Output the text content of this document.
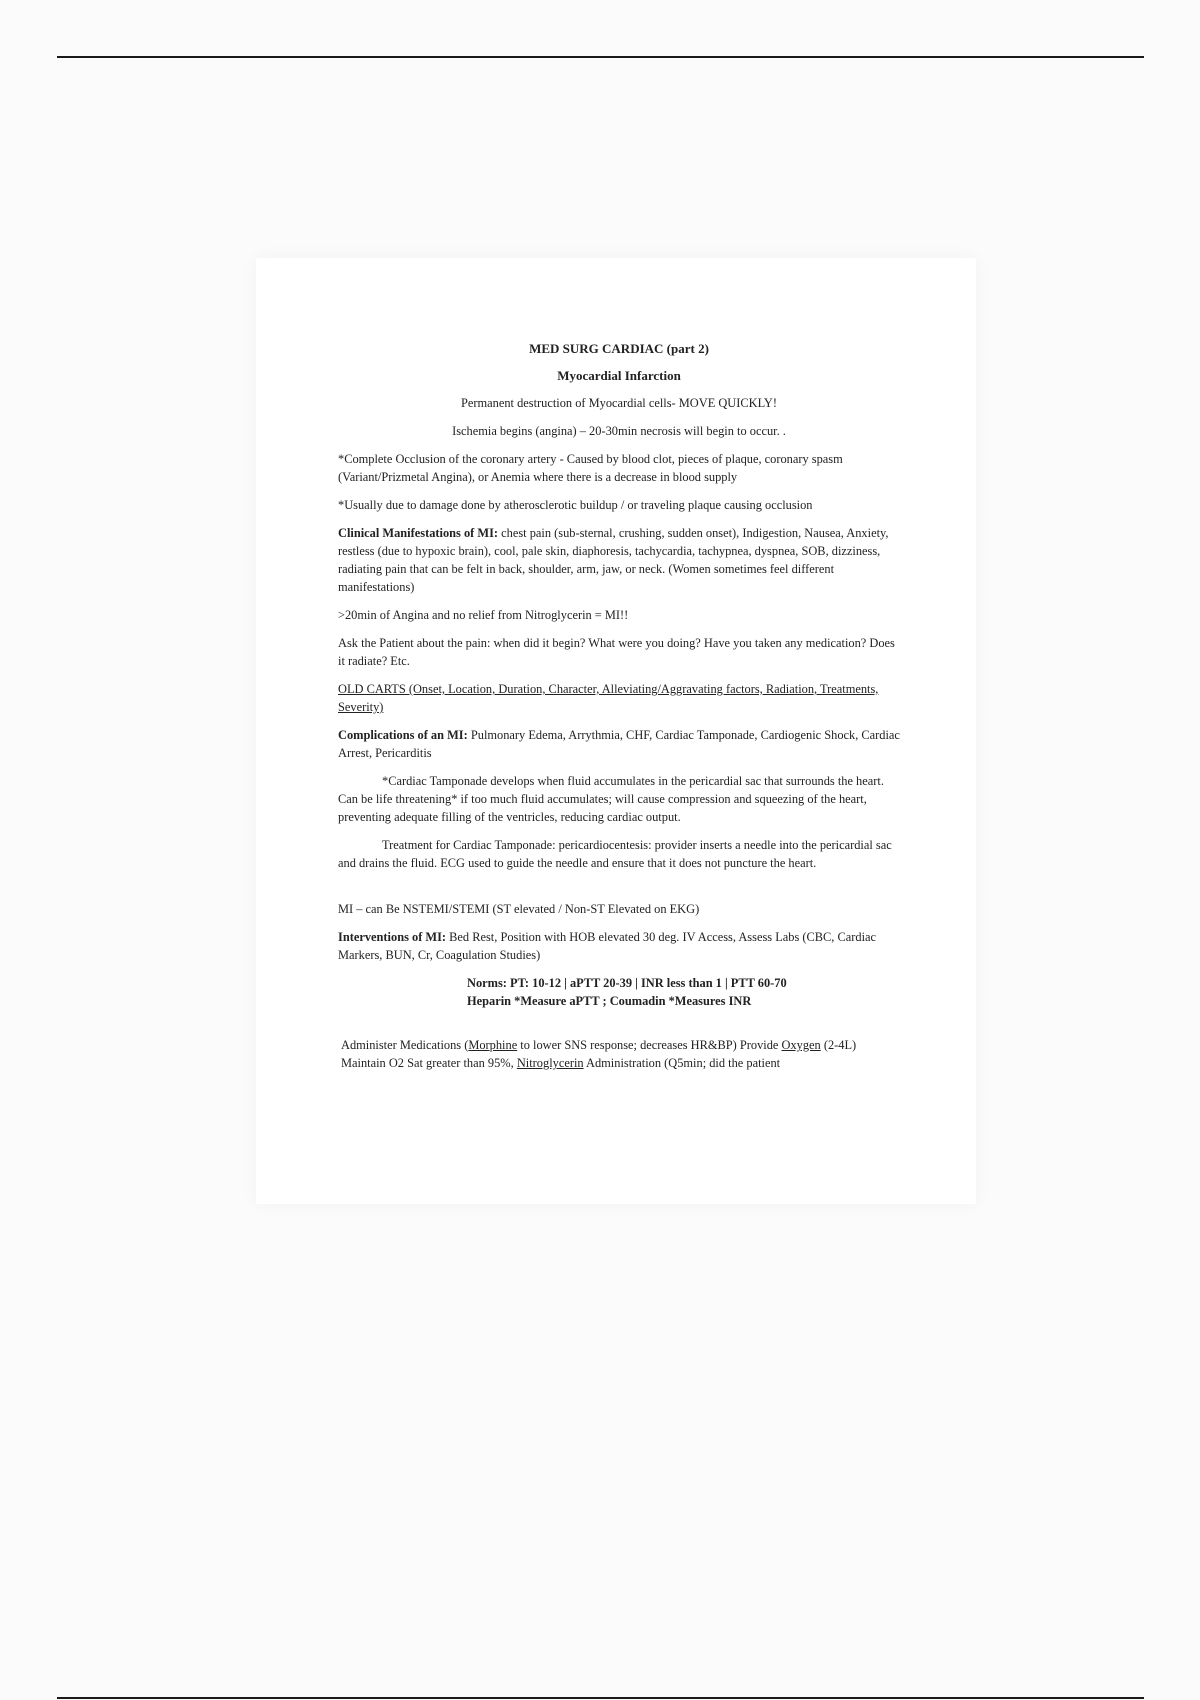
MED SURG CARDIAC (part 2)

Myocardial Infarction

Permanent destruction of Myocardial cells- MOVE QUICKLY!

Ischemia begins (angina) – 20-30min necrosis will begin to occur. .

*Complete Occlusion of the coronary artery - Caused by blood clot, pieces of plaque, coronary spasm (Variant/Prizmetal Angina), or Anemia where there is a decrease in blood supply

*Usually due to damage done by atherosclerotic buildup / or traveling plaque causing occlusion

Clinical Manifestations of MI: chest pain (sub-sternal, crushing, sudden onset), Indigestion, Nausea, Anxiety, restless (due to hypoxic brain), cool, pale skin, diaphoresis, tachycardia, tachypnea, dyspnea, SOB, dizziness, radiating pain that can be felt in back, shoulder, arm, jaw, or neck. (Women sometimes feel different manifestations)

>20min of Angina and no relief from Nitroglycerin = MI!!

Ask the Patient about the pain: when did it begin? What were you doing? Have you taken any medication? Does it radiate? Etc.

OLD CARTS (Onset, Location, Duration, Character, Alleviating/Aggravating factors, Radiation, Treatments, Severity)

Complications of an MI: Pulmonary Edema, Arrythmia, CHF, Cardiac Tamponade, Cardiogenic Shock, Cardiac Arrest, Pericarditis

*Cardiac Tamponade develops when fluid accumulates in the pericardial sac that surrounds the heart. Can be life threatening* if too much fluid accumulates; will cause compression and squeezing of the heart, preventing adequate filling of the ventricles, reducing cardiac output.

Treatment for Cardiac Tamponade: pericardiocentesis: provider inserts a needle into the pericardial sac and drains the fluid. ECG used to guide the needle and ensure that it does not puncture the heart.

MI – can Be NSTEMI/STEMI (ST elevated / Non-ST Elevated on EKG)

Interventions of MI: Bed Rest, Position with HOB elevated 30 deg. IV Access, Assess Labs (CBC, Cardiac Markers, BUN, Cr, Coagulation Studies)

Norms: PT: 10-12 | aPTT 20-39 | INR less than 1 | PTT 60-70
Heparin *Measure aPTT ; Coumadin *Measures INR

Administer Medications (Morphine to lower SNS response; decreases HR&BP) Provide Oxygen (2-4L) Maintain O2 Sat greater than 95%, Nitroglycerin Administration (Q5min; did the patient
